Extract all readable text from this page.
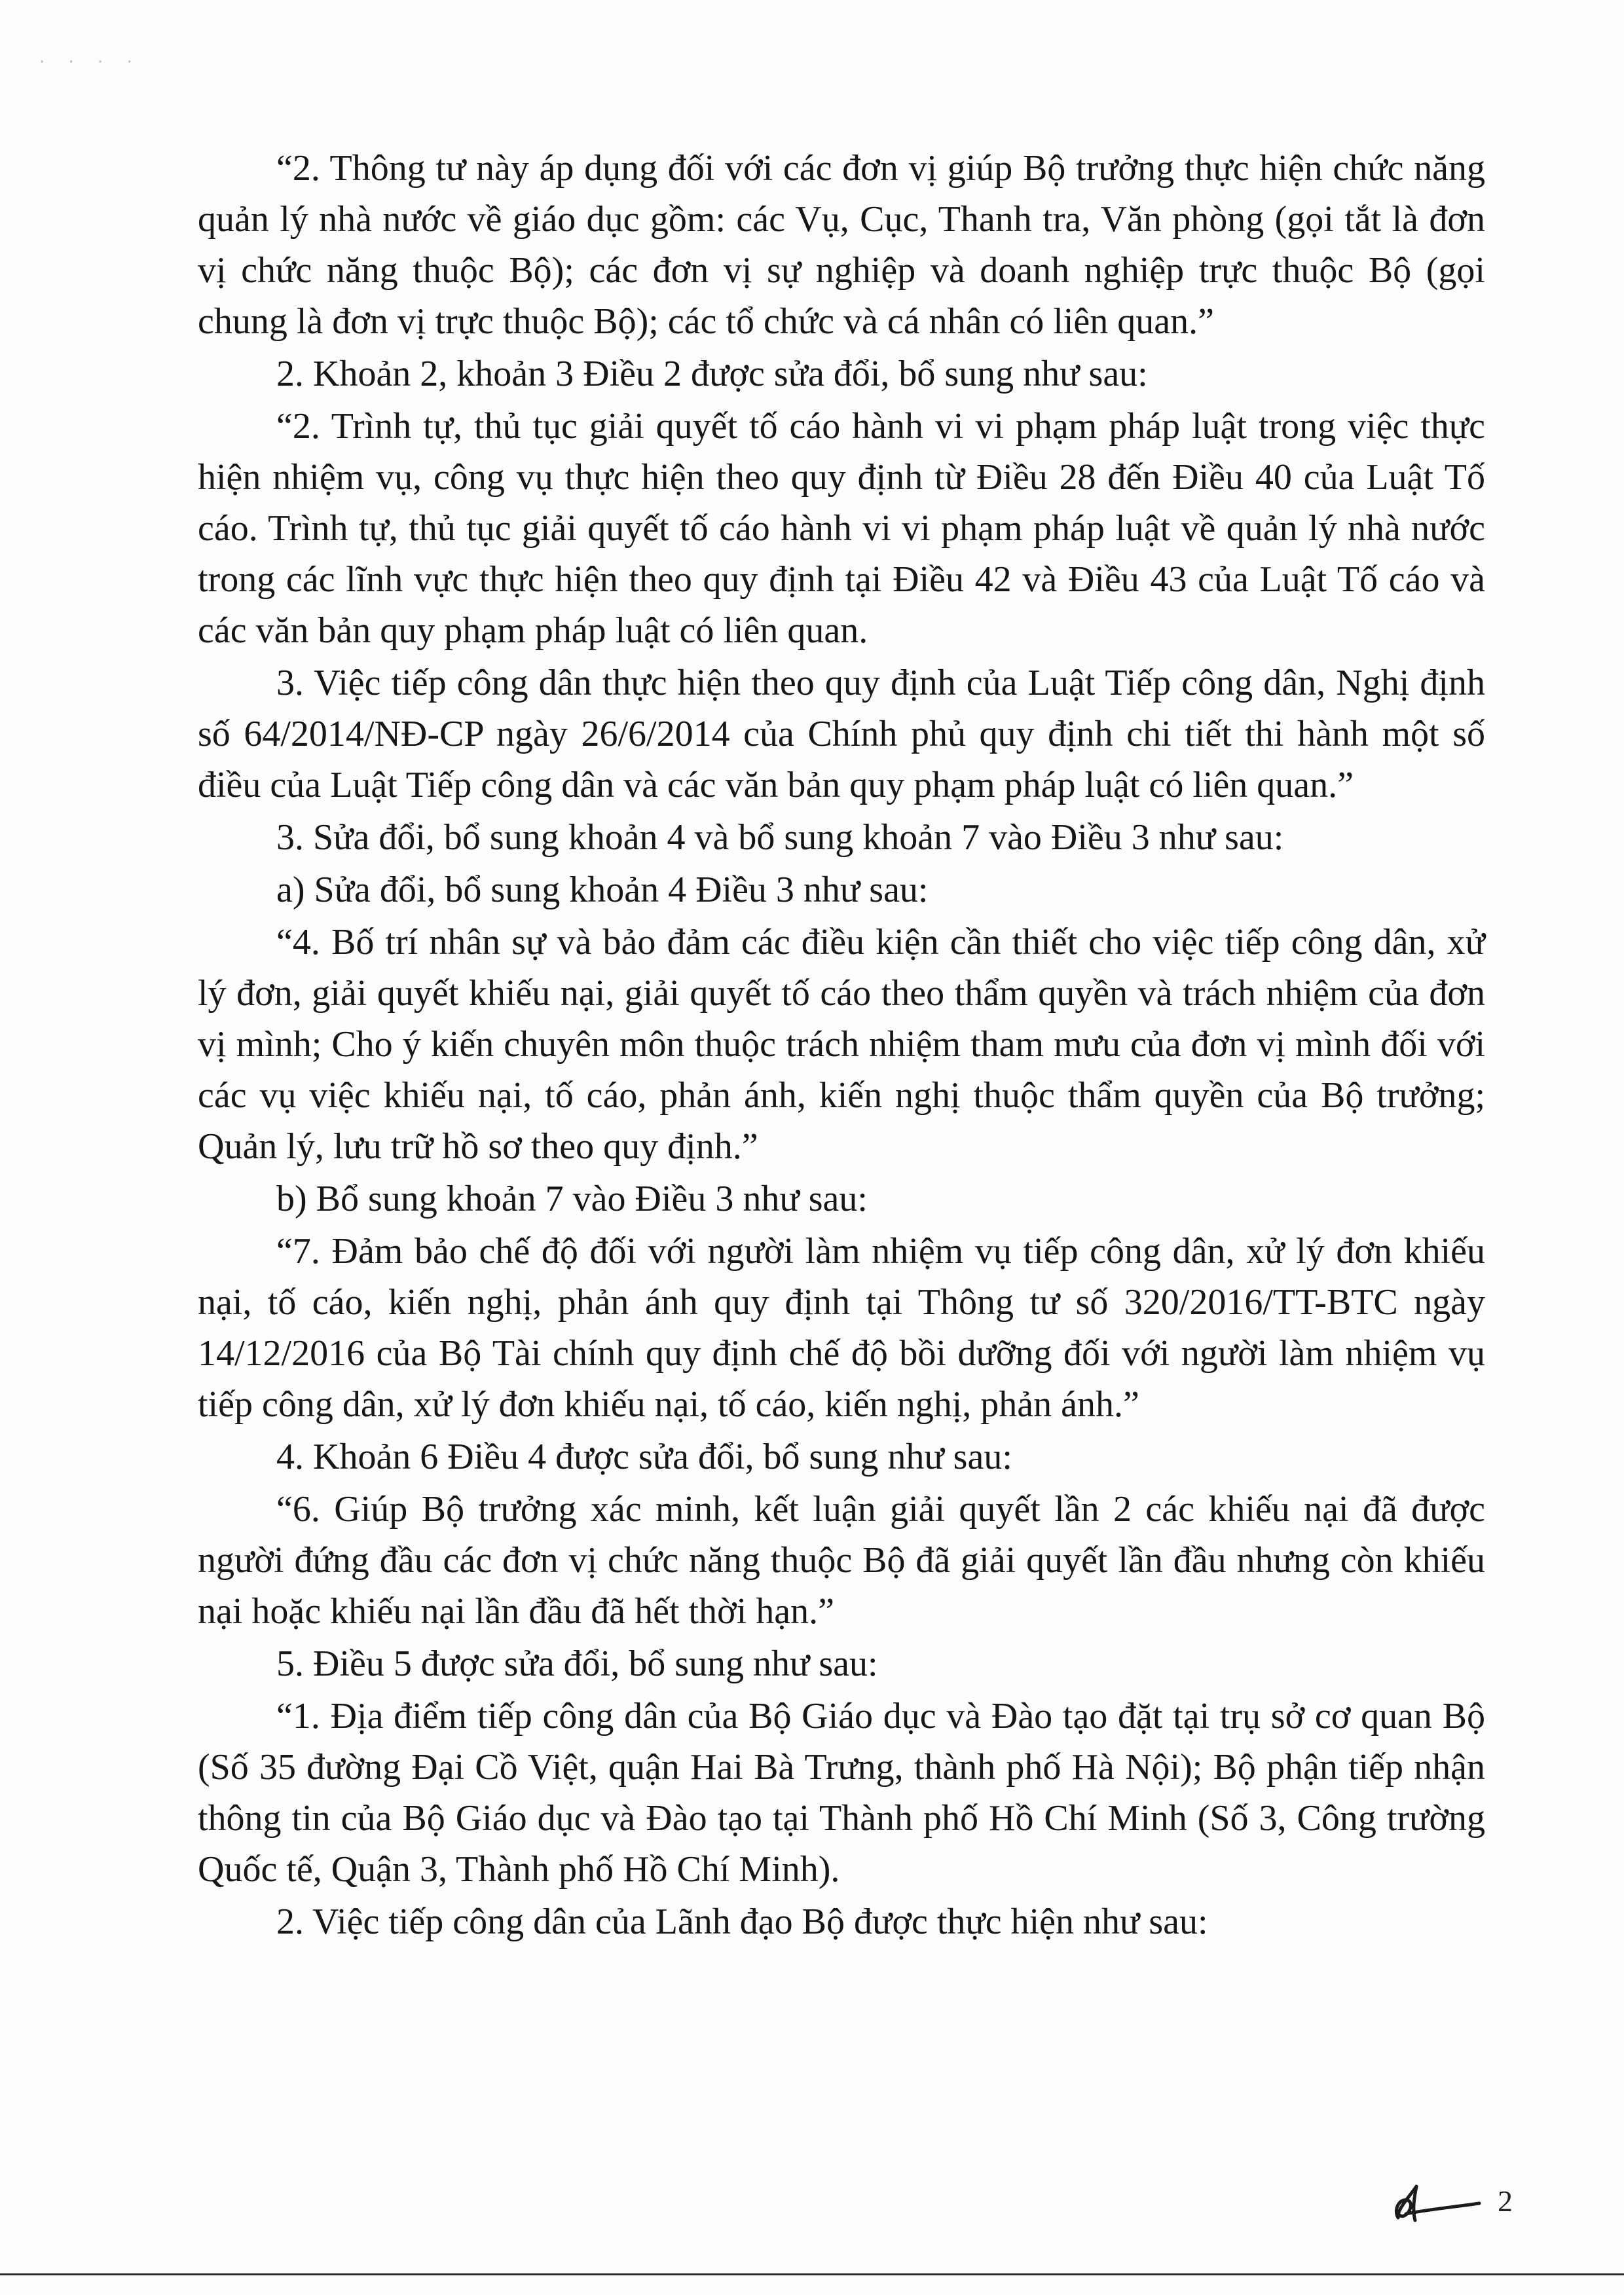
· · · ·

“2. Thông tư này áp dụng đối với các đơn vị giúp Bộ trưởng thực hiện chức năng quản lý nhà nước về giáo dục gồm: các Vụ, Cục, Thanh tra, Văn phòng (gọi tắt là đơn vị chức năng thuộc Bộ); các đơn vị sự nghiệp và doanh nghiệp trực thuộc Bộ (gọi chung là đơn vị trực thuộc Bộ); các tổ chức và cá nhân có liên quan.”

2. Khoản 2, khoản 3 Điều 2 được sửa đổi, bổ sung như sau:

“2. Trình tự, thủ tục giải quyết tố cáo hành vi vi phạm pháp luật trong việc thực hiện nhiệm vụ, công vụ thực hiện theo quy định từ Điều 28 đến Điều 40 của Luật Tố cáo. Trình tự, thủ tục giải quyết tố cáo hành vi vi phạm pháp luật về quản lý nhà nước trong các lĩnh vực thực hiện theo quy định tại Điều 42 và Điều 43 của Luật Tố cáo và các văn bản quy phạm pháp luật có liên quan.

3. Việc tiếp công dân thực hiện theo quy định của Luật Tiếp công dân, Nghị định số 64/2014/NĐ-CP ngày 26/6/2014 của Chính phủ quy định chi tiết thi hành một số điều của Luật Tiếp công dân và các văn bản quy phạm pháp luật có liên quan.”

3. Sửa đổi, bổ sung khoản 4 và bổ sung khoản 7 vào Điều 3 như sau:

a) Sửa đổi, bổ sung khoản 4 Điều 3 như sau:

“4. Bố trí nhân sự và bảo đảm các điều kiện cần thiết cho việc tiếp công dân, xử lý đơn, giải quyết khiếu nại, giải quyết tố cáo theo thẩm quyền và trách nhiệm của đơn vị mình; Cho ý kiến chuyên môn thuộc trách nhiệm tham mưu của đơn vị mình đối với các vụ việc khiếu nại, tố cáo, phản ánh, kiến nghị thuộc thẩm quyền của Bộ trưởng; Quản lý, lưu trữ hồ sơ theo quy định.”

b) Bổ sung khoản 7 vào Điều 3 như sau:

“7. Đảm bảo chế độ đối với người làm nhiệm vụ tiếp công dân, xử lý đơn khiếu nại, tố cáo, kiến nghị, phản ánh quy định tại Thông tư số 320/2016/TT-BTC ngày 14/12/2016 của Bộ Tài chính quy định chế độ bồi dưỡng đối với người làm nhiệm vụ tiếp công dân, xử lý đơn khiếu nại, tố cáo, kiến nghị, phản ánh.”

4. Khoản 6 Điều 4 được sửa đổi, bổ sung như sau:

“6. Giúp Bộ trưởng xác minh, kết luận giải quyết lần 2 các khiếu nại đã được người đứng đầu các đơn vị chức năng thuộc Bộ đã giải quyết lần đầu nhưng còn khiếu nại hoặc khiếu nại lần đầu đã hết thời hạn.”

5. Điều 5 được sửa đổi, bổ sung như sau:

“1. Địa điểm tiếp công dân của Bộ Giáo dục và Đào tạo đặt tại trụ sở cơ quan Bộ (Số 35 đường Đại Cồ Việt, quận Hai Bà Trưng, thành phố Hà Nội); Bộ phận tiếp nhận thông tin của Bộ Giáo dục và Đào tạo tại Thành phố Hồ Chí Minh (Số 3, Công trường Quốc tế, Quận 3, Thành phố Hồ Chí Minh).

2. Việc tiếp công dân của Lãnh đạo Bộ được thực hiện như sau:

2
